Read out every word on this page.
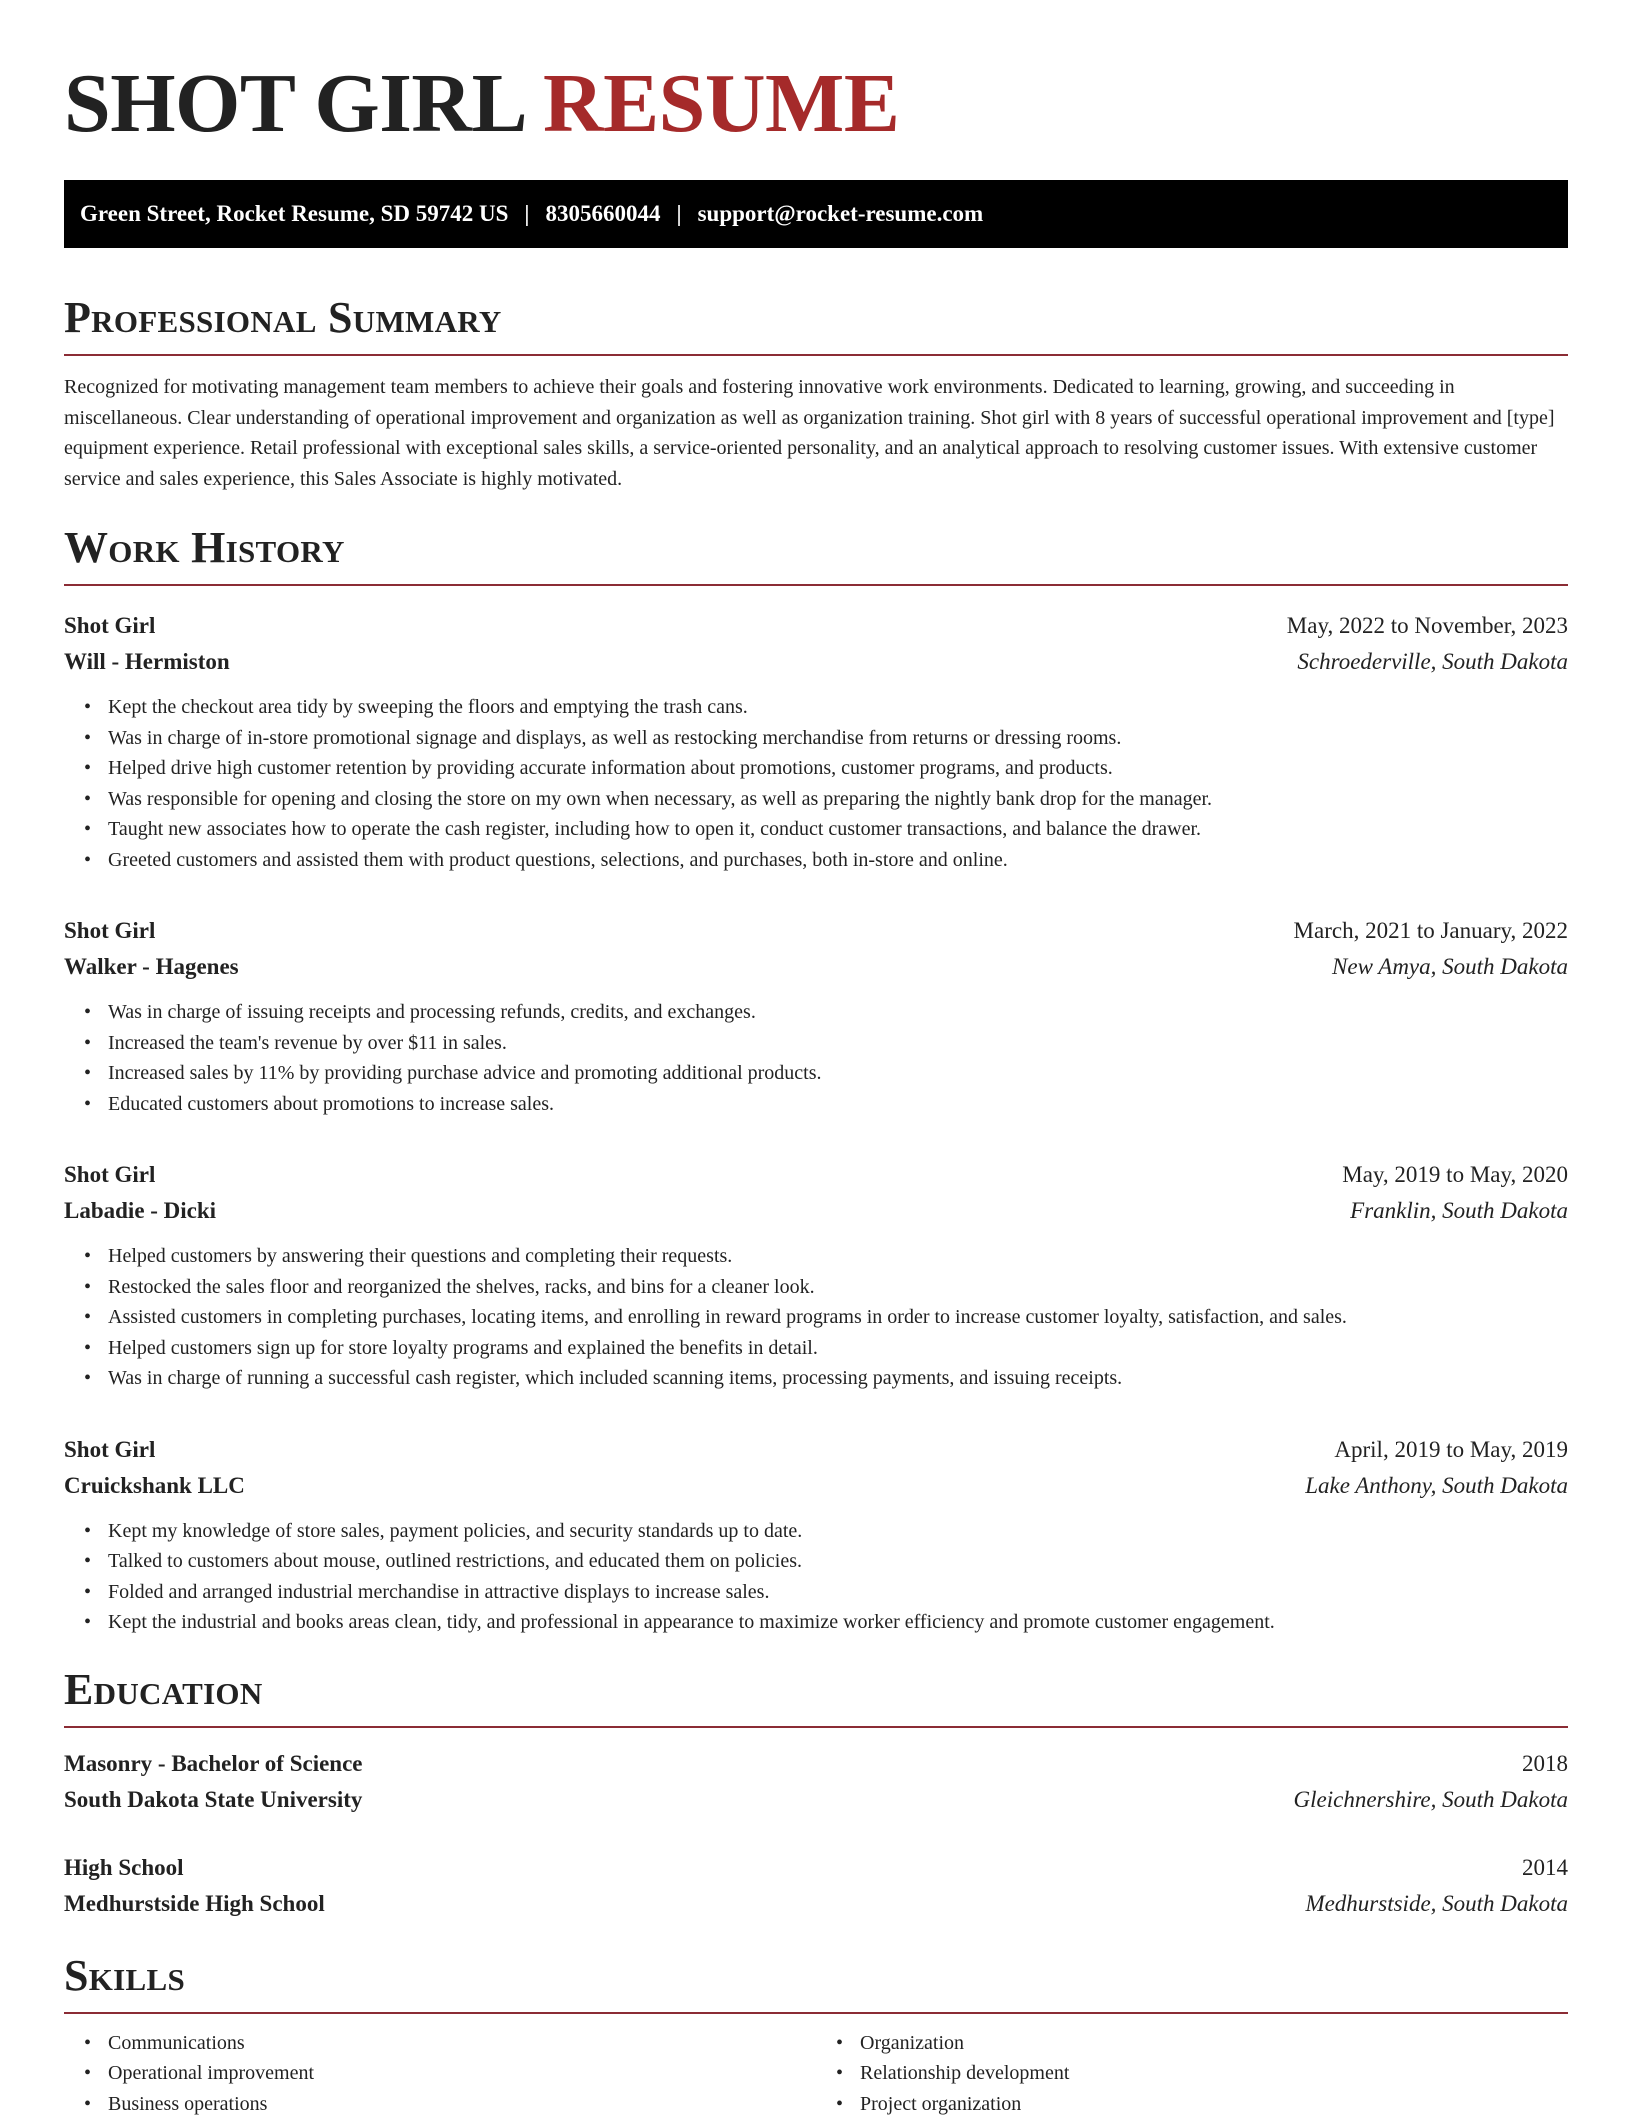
SHOT GIRL RESUME
Green Street, Rocket Resume, SD 59742 US | 8305660044 | support@rocket-resume.com
Professional Summary

Recognized for motivating management team members to achieve their goals and fostering innovative work environments. Dedicated to learning, growing, and succeeding in miscellaneous. Clear understanding of operational improvement and organization as well as organization training. Shot girl with 8 years of successful operational improvement and [type] equipment experience. Retail professional with exceptional sales skills, a service-oriented personality, and an analytical approach to resolving customer issues. With extensive customer service and sales experience, this Sales Associate is highly motivated.

Work History
Shot Girl	May, 2022 to November, 2023
Will - Hermiston	Schroederville, South Dakota
• Kept the checkout area tidy by sweeping the floors and emptying the trash cans.
• Was in charge of in-store promotional signage and displays, as well as restocking merchandise from returns or dressing rooms.
• Helped drive high customer retention by providing accurate information about promotions, customer programs, and products.
• Was responsible for opening and closing the store on my own when necessary, as well as preparing the nightly bank drop for the manager.
• Taught new associates how to operate the cash register, including how to open it, conduct customer transactions, and balance the drawer.
• Greeted customers and assisted them with product questions, selections, and purchases, both in-store and online.
Shot Girl	March, 2021 to January, 2022
Walker - Hagenes	New Amya, South Dakota
• Was in charge of issuing receipts and processing refunds, credits, and exchanges.
• Increased the team's revenue by over $11 in sales.
• Increased sales by 11% by providing purchase advice and promoting additional products.
• Educated customers about promotions to increase sales.
Shot Girl	May, 2019 to May, 2020
Labadie - Dicki	Franklin, South Dakota
• Helped customers by answering their questions and completing their requests.
• Restocked the sales floor and reorganized the shelves, racks, and bins for a cleaner look.
• Assisted customers in completing purchases, locating items, and enrolling in reward programs in order to increase customer loyalty, satisfaction, and sales.
• Helped customers sign up for store loyalty programs and explained the benefits in detail.
• Was in charge of running a successful cash register, which included scanning items, processing payments, and issuing receipts.
Shot Girl	April, 2019 to May, 2019
Cruickshank LLC	Lake Anthony, South Dakota
• Kept my knowledge of store sales, payment policies, and security standards up to date.
• Talked to customers about mouse, outlined restrictions, and educated them on policies.
• Folded and arranged industrial merchandise in attractive displays to increase sales.
• Kept the industrial and books areas clean, tidy, and professional in appearance to maximize worker efficiency and promote customer engagement.
Education
Masonry - Bachelor of Science	2018
South Dakota State University	Gleichnershire, South Dakota
High School	2014
Medhurstside High School	Medhurstside, South Dakota
Skills
• Communications
• Operational improvement
• Business operations
• Organization
• Relationship development
• Project organization
